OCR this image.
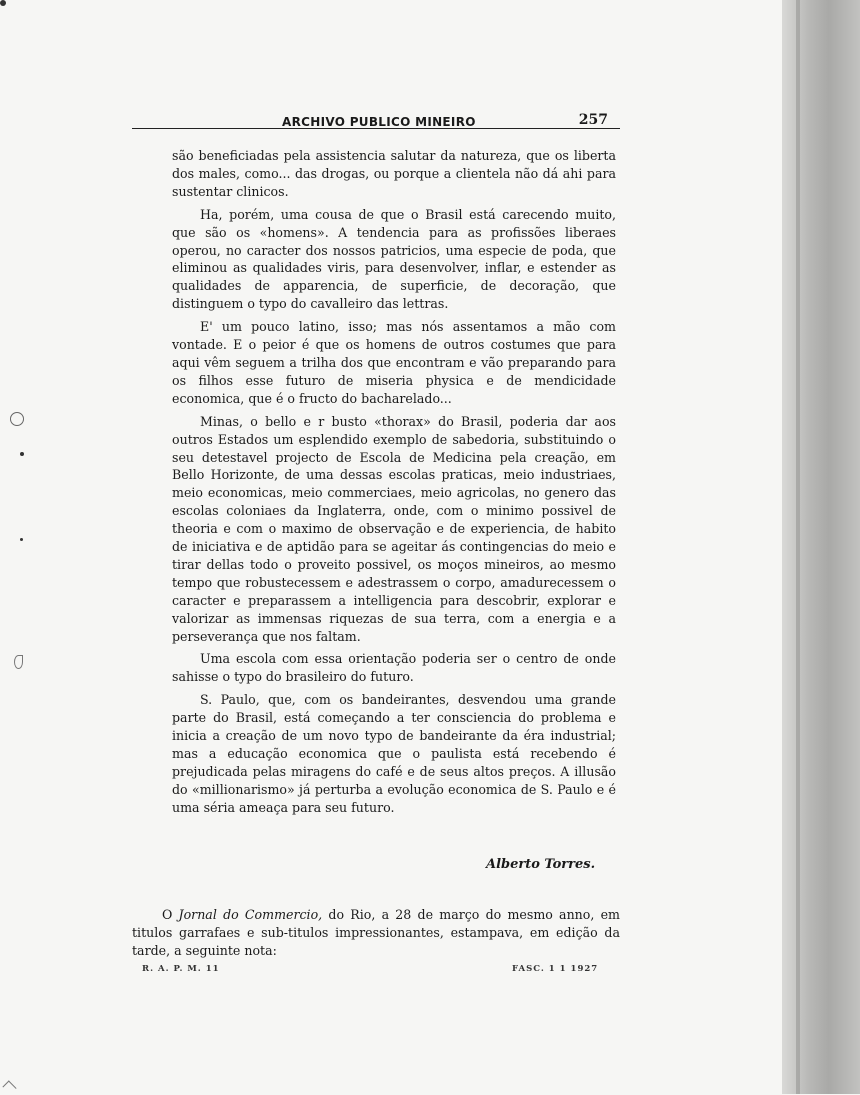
ARCHIVO PUBLICO MINEIRO	257

são beneficiadas pela assistencia salutar da natureza, que os liberta dos males, como... das drogas, ou porque a clientela não dá ahi para sustentar clinicos.

Ha, porém, uma cousa de que o Brasil está carecendo muito, que são os «homens». A tendencia para as profissões liberaes operou, no caracter dos nossos patricios, uma especie de poda, que eliminou as qualidades viris, para desenvolver, inflar, e estender as qualidades de apparencia, de superficie, de decoração, que distinguem o typo do cavalleiro das lettras.

E' um pouco latino, isso; mas nós assentamos a mão com vontade. E o peior é que os homens de outros costumes que para aqui vêm seguem a trilha dos que encontram e vão preparando para os filhos esse futuro de miseria physica e de mendicidade economica, que é o fructo do bacharelado...

Minas, o bello e r busto «thorax» do Brasil, poderia dar aos outros Estados um esplendido exemplo de sabedoria, substituindo o seu detestavel projecto de Escola de Medicina pela creação, em Bello Horizonte, de uma dessas escolas praticas, meio industriaes, meio economicas, meio commerciaes, meio agricolas, no genero das escolas coloniaes da Inglaterra, onde, com o minimo possivel de theoria e com o maximo de observação e de experiencia, de habito de iniciativa e de aptidão para se ageitar ás contingencias do meio e tirar dellas todo o proveito possivel, os moços mineiros, ao mesmo tempo que robustecessem e adestrassem o corpo, amadurecessem o caracter e preparassem a intelligencia para descobrir, explorar e valorizar as immensas riquezas de sua terra, com a energia e a perseverança que nos faltam.

Uma escola com essa orientação poderia ser o centro de onde sahisse o typo do brasileiro do futuro.

S. Paulo, que, com os bandeirantes, desvendou uma grande parte do Brasil, está começando a ter consciencia do problema e inicia a creação de um novo typo de bandeirante da éra industrial; mas a educação economica que o paulista está recebendo é prejudicada pelas miragens do café e de seus altos preços. A illusão do «millionarismo» já perturba a evolução economica de S. Paulo e é uma séria ameaça para seu futuro.

Alberto Torres.

O Jornal do Commercio, do Rio, a 28 de março do mesmo anno, em titulos garrafaes e sub-titulos impressionantes, estampava, em edição da tarde, a seguinte nota:

R. A. P. M. 11	FASC. 1 1 1927
